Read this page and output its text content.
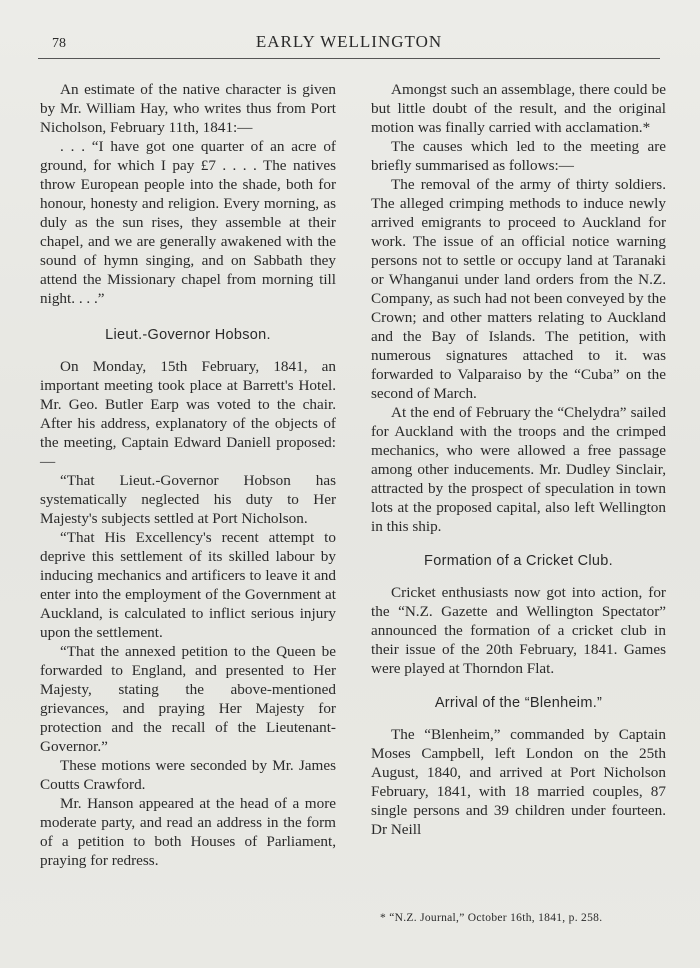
78	EARLY WELLINGTON

An estimate of the native character is given by Mr. William Hay, who writes thus from Port Nicholson, February 11th, 1841:—

. . . “I have got one quarter of an acre of ground, for which I pay £7 . . . . The natives throw European people into the shade, both for honour, honesty and religion. Every morning, as duly as the sun rises, they assemble at their chapel, and we are generally awakened with the sound of hymn singing, and on Sabbath they attend the Missionary chapel from morning till night. . . .”

Lieut.-Governor Hobson.

On Monday, 15th February, 1841, an important meeting took place at Barrett's Hotel. Mr. Geo. Butler Earp was voted to the chair. After his address, explanatory of the objects of the meeting, Captain Edward Daniell proposed:—

“That Lieut.-Governor Hobson has systematically neglected his duty to Her Majesty's subjects settled at Port Nicholson.

“That His Excellency's recent attempt to deprive this settlement of its skilled labour by inducing mechanics and artificers to leave it and enter into the employment of the Government at Auckland, is calculated to inflict serious injury upon the settlement.

“That the annexed petition to the Queen be forwarded to England, and presented to Her Majesty, stating the above-mentioned grievances, and praying Her Majesty for protection and the recall of the Lieutenant-Governor.”

These motions were seconded by Mr. James Coutts Crawford.

Mr. Hanson appeared at the head of a more moderate party, and read an address in the form of a petition to both Houses of Parliament, praying for redress.

Amongst such an assemblage, there could be but little doubt of the result, and the original motion was finally carried with acclamation.*

The causes which led to the meeting are briefly summarised as follows:—

The removal of the army of thirty soldiers. The alleged crimping methods to induce newly arrived emigrants to proceed to Auckland for work. The issue of an official notice warning persons not to settle or occupy land at Taranaki or Whanganui under land orders from the N.Z. Company, as such had not been conveyed by the Crown; and other matters relating to Auckland and the Bay of Islands. The petition, with numerous signatures attached to it. was forwarded to Valparaiso by the “Cuba” on the second of March.

At the end of February the “Chelydra” sailed for Auckland with the troops and the crimped mechanics, who were allowed a free passage among other inducements. Mr. Dudley Sinclair, attracted by the prospect of speculation in town lots at the proposed capital, also left Wellington in this ship.

Formation of a Cricket Club.

Cricket enthusiasts now got into action, for the “N.Z. Gazette and Wellington Spectator” announced the formation of a cricket club in their issue of the 20th February, 1841. Games were played at Thorndon Flat.

Arrival of the “Blenheim.”

The “Blenheim,” commanded by Captain Moses Campbell, left London on the 25th August, 1840, and arrived at Port Nicholson February, 1841, with 18 married couples, 87 single persons and 39 children under fourteen. Dr Neill

* “N.Z. Journal,” October 16th, 1841, p. 258.
